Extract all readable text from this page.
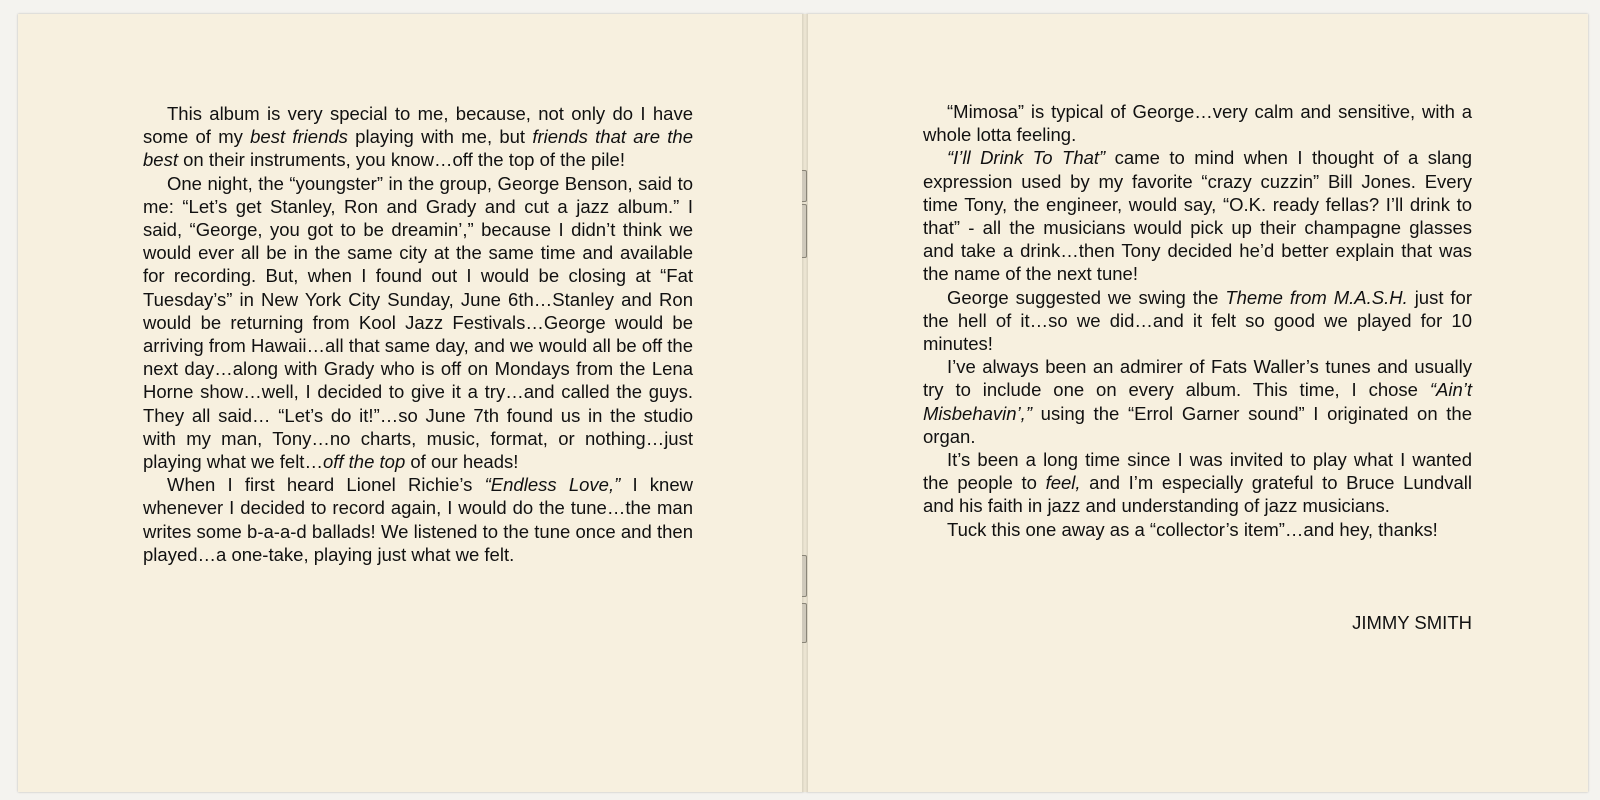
This album is very special to me, because, not only do I have some of my best friends playing with me, but friends that are the best on their instruments, you know…off the top of the pile!

One night, the “youngster” in the group, George Benson, said to me: “Let’s get Stanley, Ron and Grady and cut a jazz album.” I said, “George, you got to be dreamin’,” because I didn’t think we would ever all be in the same city at the same time and available for recording. But, when I found out I would be closing at “Fat Tuesday’s” in New York City Sunday, June 6th…Stanley and Ron would be returning from Kool Jazz Festivals…George would be arriving from Hawaii…all that same day, and we would all be off the next day…along with Grady who is off on Mondays from the Lena Horne show…well, I decided to give it a try…and called the guys. They all said… “Let’s do it!”…so June 7th found us in the studio with my man, Tony…no charts, music, format, or nothing…just playing what we felt…off the top of our heads!

When I first heard Lionel Richie’s “Endless Love,” I knew whenever I decided to record again, I would do the tune…the man writes some b-a-a-d ballads! We listened to the tune once and then played…a one-take, playing just what we felt.

“Mimosa” is typical of George…very calm and sensitive, with a whole lotta feeling.

“I’ll Drink To That” came to mind when I thought of a slang expression used by my favorite “crazy cuzzin” Bill Jones. Every time Tony, the engineer, would say, “O.K. ready fellas? I’ll drink to that” - all the musicians would pick up their champagne glasses and take a drink…then Tony decided he’d better explain that was the name of the next tune!

George suggested we swing the Theme from M.A.S.H. just for the hell of it…so we did…and it felt so good we played for 10 minutes!

I’ve always been an admirer of Fats Waller’s tunes and usually try to include one on every album. This time, I chose “Ain’t Misbehavin’,” using the “Errol Garner sound” I originated on the organ.

It’s been a long time since I was invited to play what I wanted the people to feel, and I’m especially grateful to Bruce Lundvall and his faith in jazz and understanding of jazz musicians.

Tuck this one away as a “collector’s item”…and hey, thanks!

JIMMY SMITH
